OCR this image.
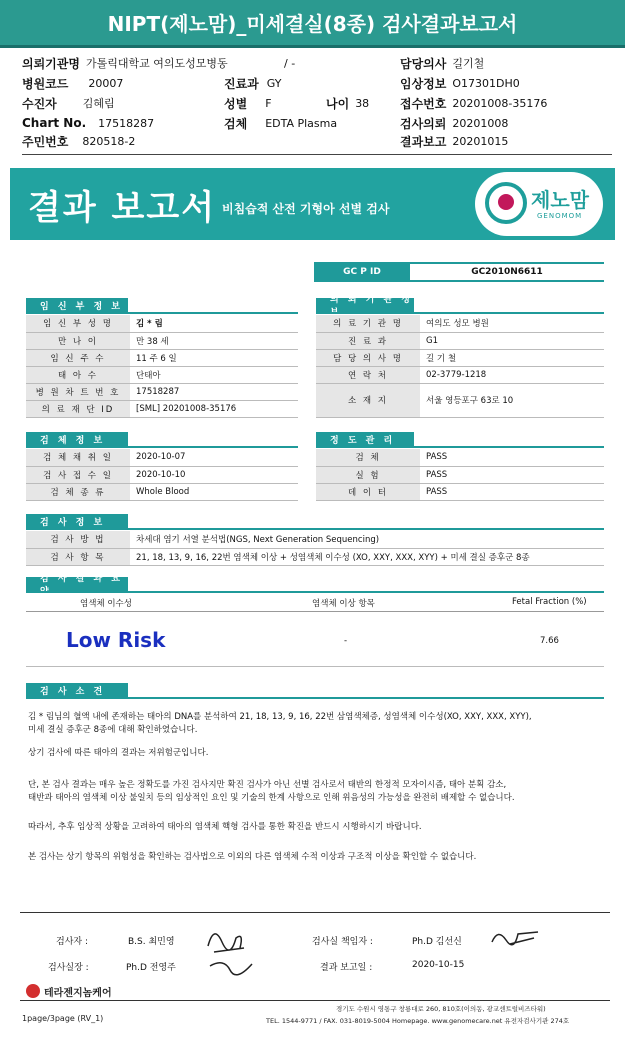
NIPT(제노맘)_미세결실(8종) 검사결과보고서
의뢰기관명 가톨릭대학교 여의도성모병동	/ -	담당의사 길기철
병원코드 20007	진료과 GY	임상정보 O17301DH0
수진자 김혜림	성별 F	나이 38	접수번호 20201008-35176
Chart No. 17518287	검체 EDTA Plasma	검사의뢰 20201008
주민번호 820518-2	결과보고 20201015
결과 보고서 비침습적 산전 기형아 선별 검사	제노맘
GENOMOM
GC P ID	GC2010N6611
임 신 부 정 보
임 신 부 성 명	김 * 림
만 나 이	만 38 세
임 신 주 수	11 주 6 일
태 아 수	단태아
병 원 차 트 번 호	17518287
의 료 재 단 ID	[SML] 20201008-35176
의 뢰 기 관 정
의 료 기 관 명	여의도 성모 병원
진 료 과	G1
담 당 의 사 명	길 기 철
연 락 처	02-3779-1218
소 재 지	서울 영등포구 63로 10
검 체 정 보
검 체 채 취 일	2020-10-07
검 사 접 수 일	2020-10-10
검 체 종 류	Whole Blood
정 도 관 리
검 체	PASS
실 험	PASS
데 이 터	PASS
검 사 정 보
검 사 방 법	차세대 염기 서열 분석법(NGS, Next Generation Sequencing)
검 사 항 목	21, 18, 13, 9, 16, 22번 염색체 이상 + 성염색체 이수성 (XO, XXY, XXX, XYY) + 미세 결실 증후군 8종
검 사 결 과 요
염색체 이수성	염색체 이상 항목	Fetal Fraction (%)
Low Risk	-	7.66
검 사 소 견
김 * 림님의 혈액 내에 존재하는 태아의 DNA를 분석하여 21, 18, 13, 9, 16, 22번 삼염색체증, 성염색체 이수성(XO, XXY, XXX, XYY),
미세 결실 증후군 8종에 대해 확인하였습니다.
상기 검사에 따른 태아의 결과는 저위험군입니다.
단, 본 검사 결과는 매우 높은 정확도를 가진 검사지만 확진 검사가 아닌 선별 검사로서 태반의 한정적 모자이시즘, 태아 분획 감소,
태반과 태아의 염색체 이상 불일치 등의 임상적인 요인 및 기술의 한계 사항으로 인해 위음성의 가능성을 완전히 배제할 수 없습니다.
따라서, 추후 임상적 상황을 고려하여 태아의 염색체 핵형 검사를 통한 확진을 반드시 시행하시기 바랍니다.
본 검사는 상기 항목의 위험성을 확인하는 검사법으로 이외의 다른 염색체 수적 이상과 구조적 이상을 확인할 수 없습니다.
검사자 :	B.S. 최민영	검사실 책임자 :	Ph.D 김선신
검사실장 :	Ph.D 전영주	결과 보고일 :	2020-10-15
테라젠지놈케어
경기도 수원시 영통구 창룡대로 260, 810호(이의동, 광교센트럴비즈타워)
TEL. 1544-9771 / FAX. 031-8019-5004 Homepage. www.genomecare.net 유전자검사기관 274호
1page/3page (RV_1)
